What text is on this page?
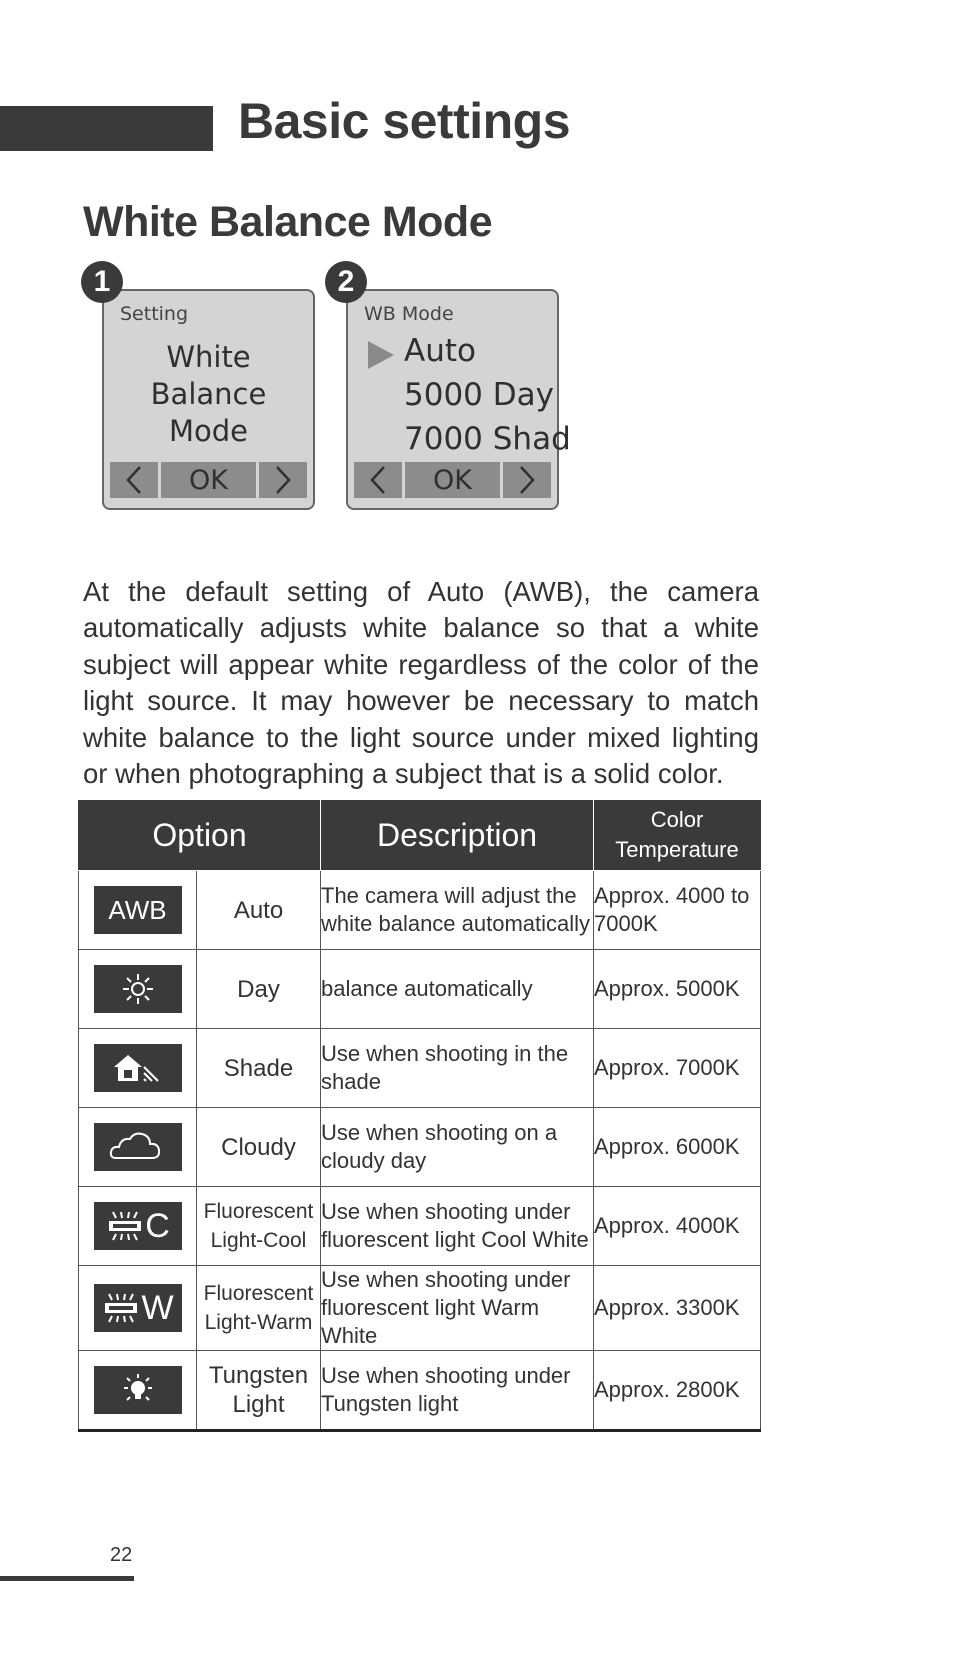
Basic settings
White Balance Mode
Setting
White
Balance
Mode
OK
1
WB Mode
Auto
5000 Day
7000 Shad
OK
2

At the default setting of Auto (AWB), the camera automatically adjusts white balance so that a white subject will appear white regardless of the color of the light source. It may however be necessary to match white balance to the light source under mixed lighting or when photographing a subject that is a solid color.

Option		Description	Color
Temperature

AWB	Auto	The camera will adjust the white balance automatically	Approx. 4000 to 7000K

	Day	balance automatically	Approx. 5000K

	Shade	Use when shooting in the shade	Approx. 7000K

	Cloudy	Use when shooting on a cloudy day	Approx. 6000K

C	Fluorescent Light-Cool	Use when shooting under fluorescent light Cool White	Approx. 4000K

W	Fluorescent Light-Warm	Use when shooting under fluorescent light Warm White	Approx. 3300K

	Tungsten Light	Use when shooting under Tungsten light	Approx. 2800K
22
